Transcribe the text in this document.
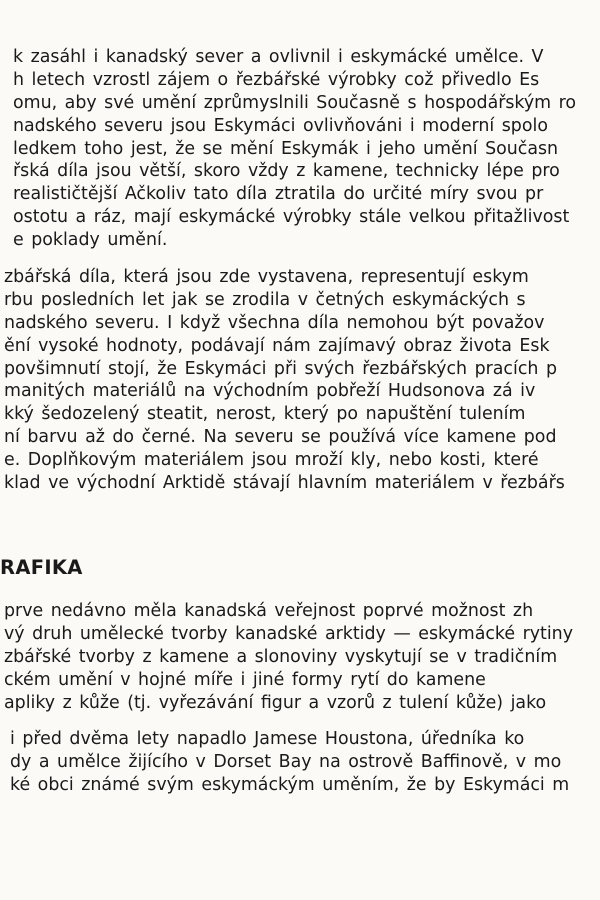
k zasáhl i kanadský sever a ovlivnil i eskymácké umělce. V
h letech vzrostl zájem o řezbářské výrobky což přivedlo Es
omu, aby své umění zprůmyslnili Současně s hospodářským ro
nadského severu jsou Eskymáci ovlivňováni i moderní spolo
ledkem toho jest, že se mění Eskymák i jeho umění Současn
řská díla jsou větší, skoro vždy z kamene, technicky lépe pro
realističtější Ačkoliv tato díla ztratila do určité míry svou pr
ostotu a ráz, mají eskymácké výrobky stále velkou přitažlivost
e poklady umění.
zbářská díla, která jsou zde vystavena, representují eskym
rbu posledních let jak se zrodila v četných eskymáckých s
nadského severu. I když všechna díla nemohou být považov
ění vysoké hodnoty, podávají nám zajímavý obraz života Esk
povšimnutí stojí, že Eskymáci při svých řezbářských pracích p
manitých materiálů na východním pobřeží Hudsonova zá iv
kký šedozelený steatit, nerost, který po napuštění tulením
ní barvu až do černé. Na severu se používá více kamene pod
e. Doplňkovým materiálem jsou mroží kly, nebo kosti, které
klad ve východní Arktidě stávají hlavním materiálem v řezbářs
RAFIKA
prve nedávno měla kanadská veřejnost poprvé možnost zh
vý druh umělecké tvorby kanadské arktidy — eskymácké rytiny
zbářské tvorby z kamene a slonoviny vyskytují se v tradičním
ckém umění v hojné míře i jiné formy rytí do kamene
apliky z kůže (tj. vyřezávání figur a vzorů z tulení kůže) jako
i před dvěma lety napadlo Jamese Houstona, úředníka ko
dy a umělce žijícího v Dorset Bay na ostrově Baffinově, v mo
ké obci známé svým eskymáckým uměním, že by Eskymáci m
